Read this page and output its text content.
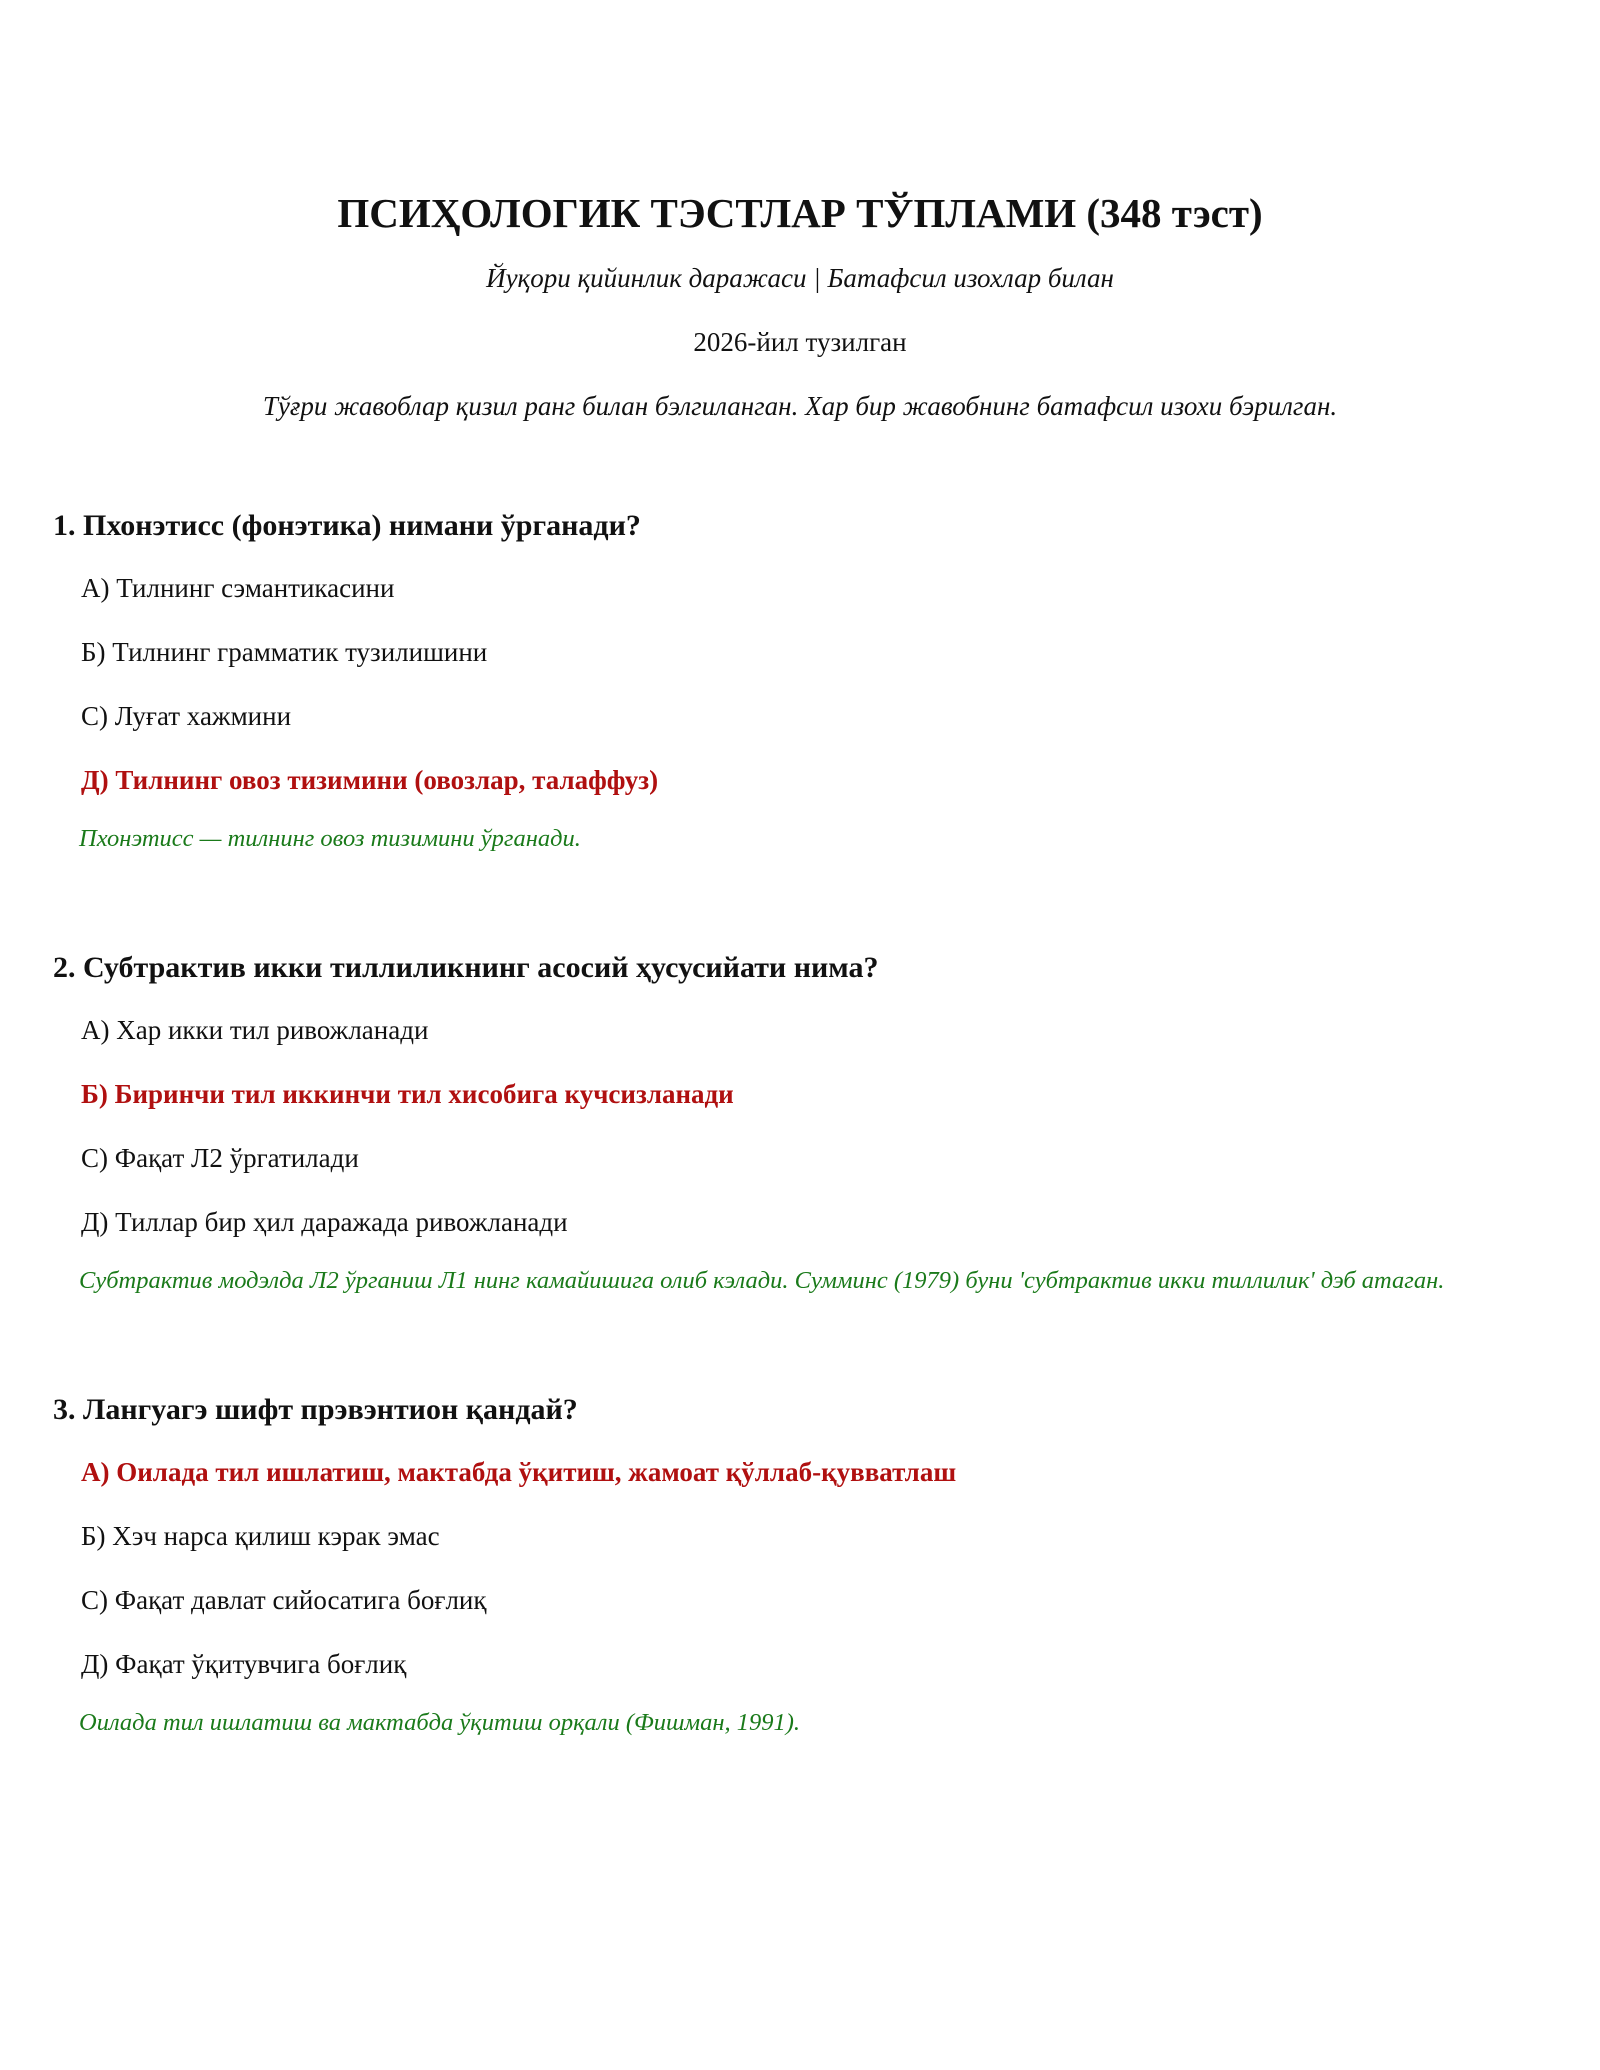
ПСИҲОЛОГИК ТЭСТЛАР ТЎПЛАМИ (348 тэст)
Йуқори қийинлик даражаси | Батафсил изохлар билан
2026-йил тузилган
Тўғри жавоблар қизил ранг билан бэлгиланган. Хар бир жавобнинг батафсил изохи бэрилган.
1. Пхонэтисс (фонэтика) нимани ўрганади?
А) Тилнинг сэмантикасини
Б) Тилнинг грамматик тузилишини
С) Луғат хажмини
Д) Тилнинг овоз тизимини (овозлар, талаффуз)
Пхонэтисс — тилнинг овоз тизимини ўрганади.
2. Субтрактив икки тиллиликнинг асосий ҳусусийати нима?
А) Хар икки тил ривожланади
Б) Биринчи тил иккинчи тил хисобига кучсизланади
С) Фақат Л2 ўргатилади
Д) Тиллар бир ҳил даражада ривожланади
Субтрактив модэлда Л2 ўрганиш Л1 нинг камайишига олиб кэлади. Сумминс (1979) буни 'субтрактив икки тиллилик' дэб атаган.
3. Лангуагэ шифт прэвэнтион қандай?
А) Оилада тил ишлатиш, мактабда ўқитиш, жамоат қўллаб-қувватлаш
Б) Хэч нарса қилиш кэрак эмас
С) Фақат давлат сийосатига боғлиқ
Д) Фақат ўқитувчига боғлиқ
Оилада тил ишлатиш ва мактабда ўқитиш орқали (Фишман, 1991).
